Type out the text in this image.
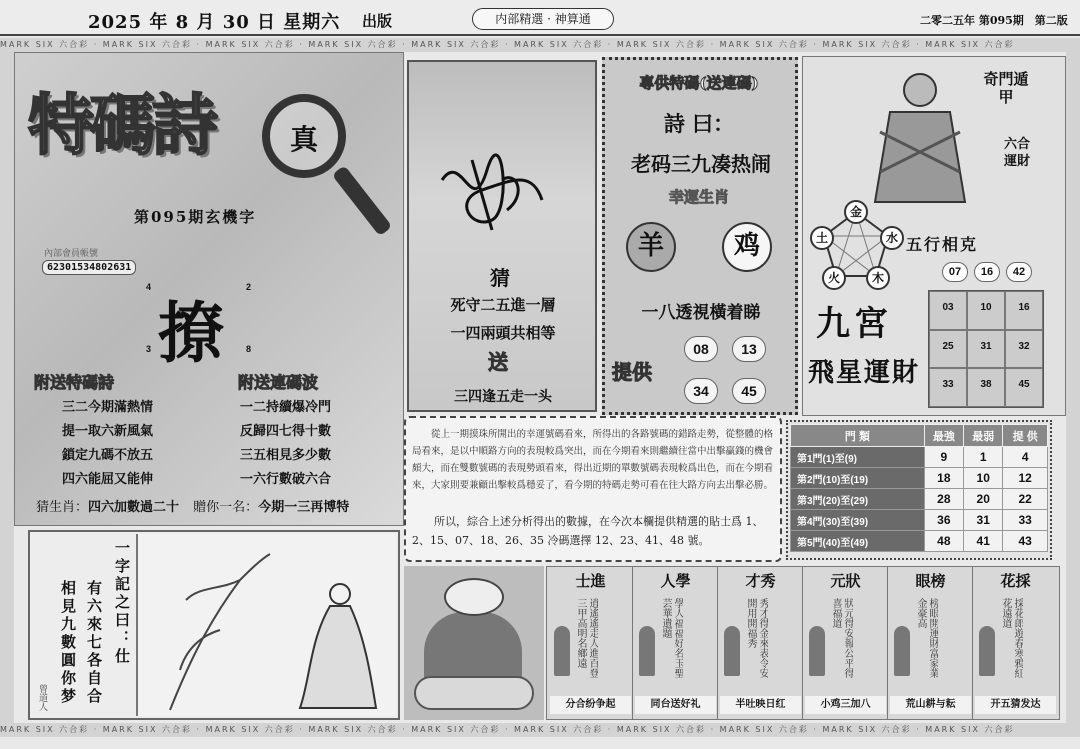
2025 年 8 月 30 日 星期六 出版	内部精選 · 神算通	二零二五年 第095期　第二版
MARK SIX 六合彩 · MARK SIX 六合彩 · MARK SIX 六合彩 · MARK SIX 六合彩 · MARK SIX 六合彩 · MARK SIX 六合彩 · MARK SIX 六合彩 · MARK SIX 六合彩 · MARK SIX 六合彩 · MARK SIX 六合彩
MARK SIX 六合彩 · MARK SIX 六合彩 · MARK SIX 六合彩 · MARK SIX 六合彩 · MARK SIX 六合彩 · MARK SIX 六合彩 · MARK SIX 六合彩 · MARK SIX 六合彩 · MARK SIX 六合彩 · MARK SIX 六合彩
特碼詩	真
第095期玄機字
內部會員帳號
62301534802631
撩
4	2
3	8
附送特碼詩	附送連碼波
三二今期滿熱情
提一取六新風氣
鎖定九碼不放五
四六能屈又能伸
一二持續爆冷門
反歸四七得十數
三五相見多少數
一六行數破六合
猜生肖：四六加數過二十 贈你一名：今期一三再博特
猜
死守二五進一層
一四兩頭共相等
送
三四逢五走一头
專供特碼(送連碼)
詩 曰：
老码三九凑热闹
幸運生肖
羊	鸡
一八透視橫着睇
提供
08	13
34	45
奇門遁甲
六合運財
金
水
木
火
土	五行相克
07	16	42
九宮
飛星運財
03	10	16
25	31	32
33	38	45
從上一期摸珠所開出的幸運號碼看來，所得出的各路號碼的錯路走勢，從整體的格局看來，是以中順路方向的表現較爲突出，而在今期看來則繼續往當中出擊贏錢的機會頗大，而在雙數號碼的表現勢頭看來，得出近期的單數號碼表現較爲出色，而在今期看來，大家則要兼顧出擊較爲穩妥了，看今期的特碼走勢可看在往大路方向去出擊必勝。
所以，綜合上述分析得出的數據，在今次本欄提供精選的貼士爲 1、2、15、07、18、26、35 冷碼選擇 12、23、41、48 號。
門 類	最強	最弱	提 供
第1門(1)至(9)	9	1	4
第2門(10)至(19)	18	10	12
第3門(20)至(29)	28	20	22
第4門(30)至(39)	36	31	33
第5門(40)至(49)	48	41	43
一字記之曰：仕
有六來七各自合
相見九數圓你梦
曾道人
士進
逍遙遙走人進百登三甲高明名鄉遠
分合纷争起
人學
學人福福好名玉聖芸華遺題
同台送好礼
才秀
秀才得金來表令安開用開福秀
半吐映日红
元狀
狀元得安報公平得喜福道
小鸡三加八
眼榜
榜眼開運財富家業金豪高
荒山耕与耘
花採
採花郎遊春寒鴉紅花遠道
开五猜发达
